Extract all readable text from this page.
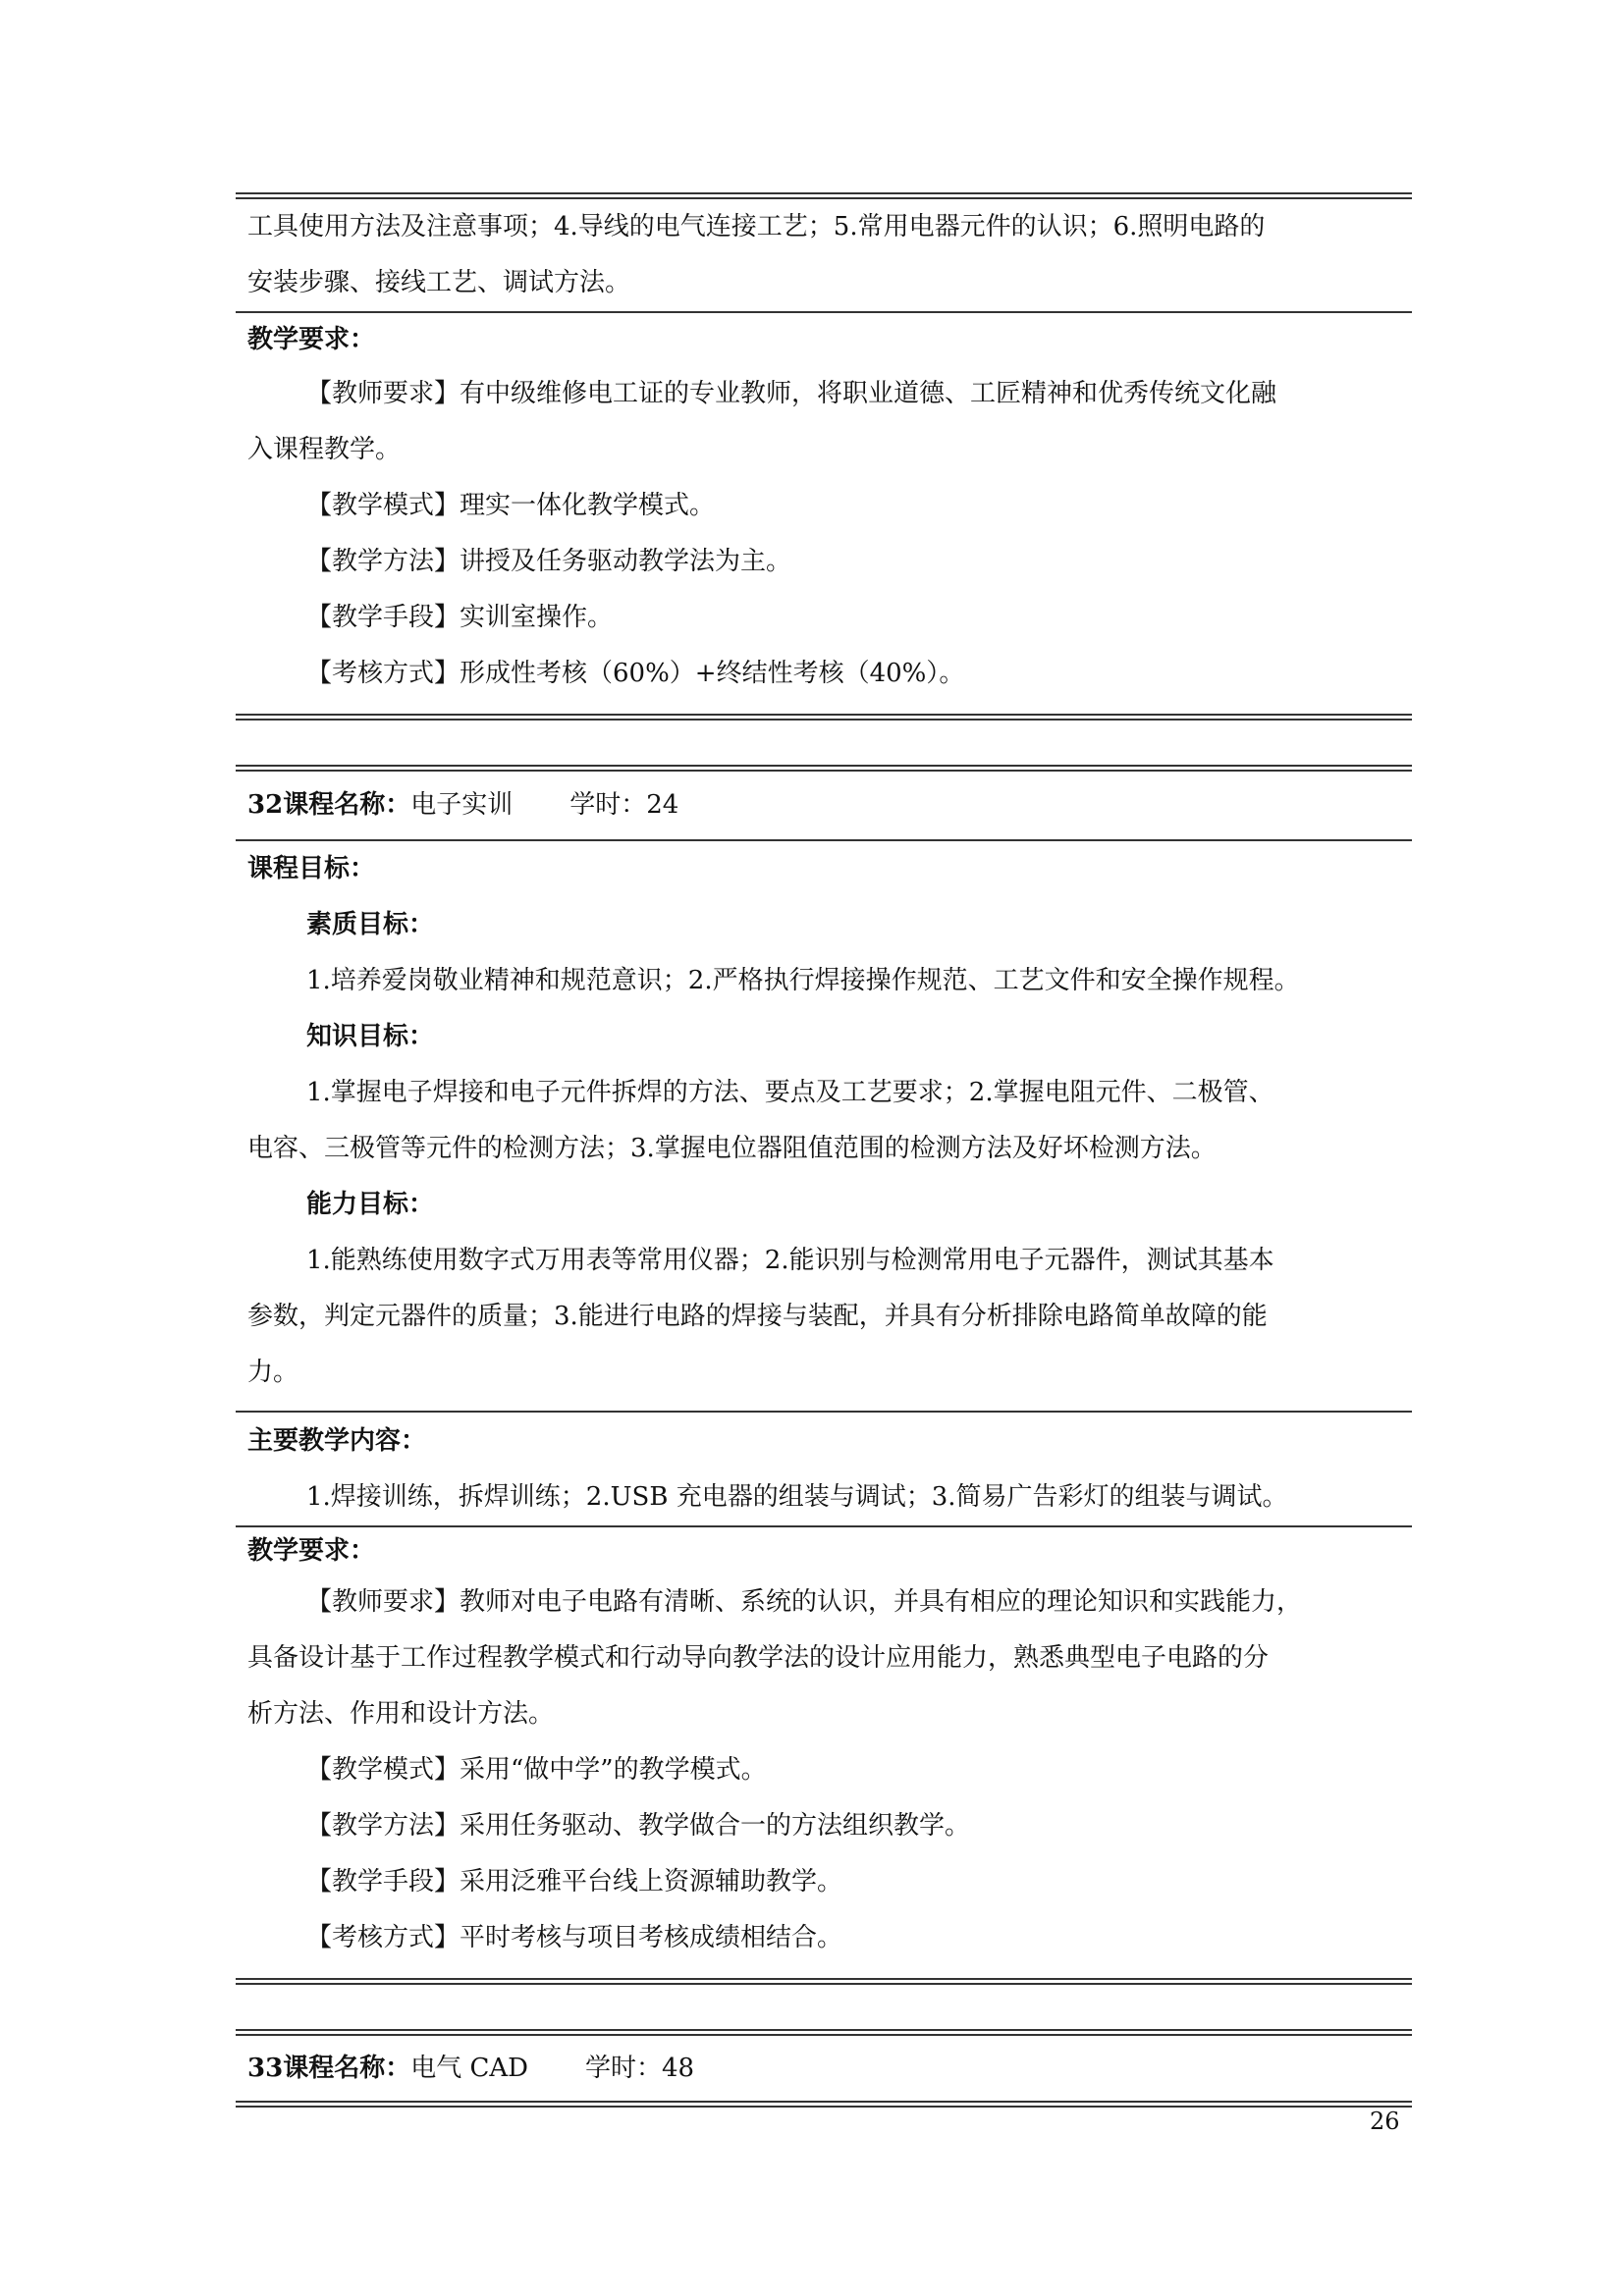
工具使用方法及注意事项；4.导线的电气连接工艺；5.常用电器元件的认识；6.照明电路的
安装步骤、接线工艺、调试方法。
教学要求：
【教师要求】有中级维修电工证的专业教师，将职业道德、工匠精神和优秀传统文化融
入课程教学。
【教学模式】理实一体化教学模式。
【教学方法】讲授及任务驱动教学法为主。
【教学手段】实训室操作。
【考核方式】形成性考核（60%）+终结性考核（40%）。
32课程名称：电子实训 学时：24
课程目标：
素质目标：
1.培养爱岗敬业精神和规范意识；2.严格执行焊接操作规范、工艺文件和安全操作规程。
知识目标：
1.掌握电子焊接和电子元件拆焊的方法、要点及工艺要求；2.掌握电阻元件、二极管、
电容、三极管等元件的检测方法；3.掌握电位器阻值范围的检测方法及好坏检测方法。
能力目标：
1.能熟练使用数字式万用表等常用仪器；2.能识别与检测常用电子元器件，测试其基本
参数，判定元器件的质量；3.能进行电路的焊接与装配，并具有分析排除电路简单故障的能
力。
主要教学内容：
1.焊接训练，拆焊训练；2.USB 充电器的组装与调试；3.简易广告彩灯的组装与调试。
教学要求：
【教师要求】教师对电子电路有清晰、系统的认识，并具有相应的理论知识和实践能力，
具备设计基于工作过程教学模式和行动导向教学法的设计应用能力，熟悉典型电子电路的分
析方法、作用和设计方法。
【教学模式】采用“做中学”的教学模式。
【教学方法】采用任务驱动、教学做合一的方法组织教学。
【教学手段】采用泛雅平台线上资源辅助教学。
【考核方式】平时考核与项目考核成绩相结合。
33课程名称：电气 CAD 学时：48
26
